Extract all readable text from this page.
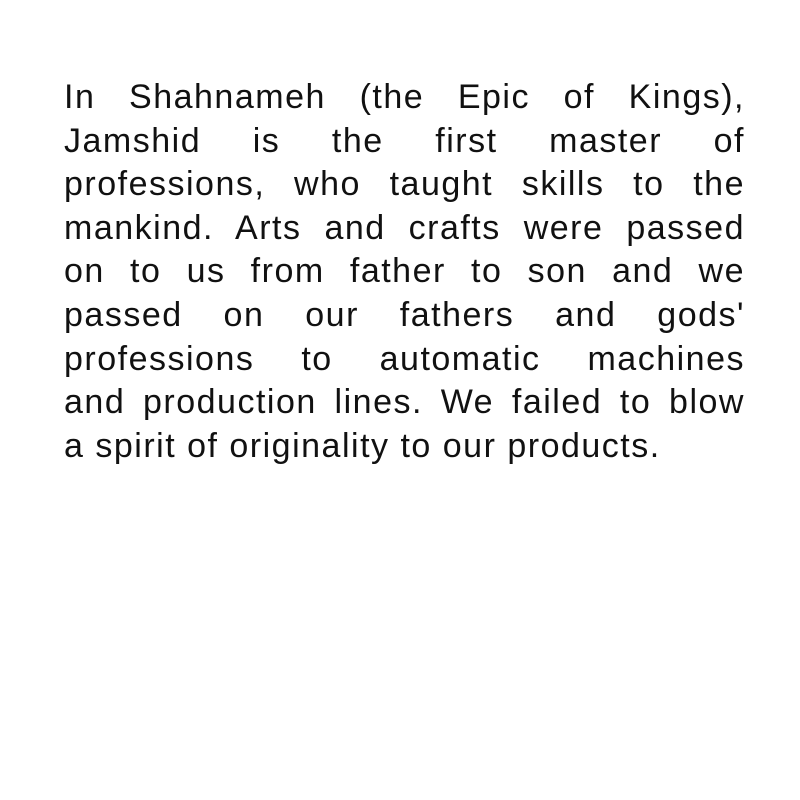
In Shahnameh (the Epic of Kings),
Jamshid is the first master of
professions, who taught skills to the
mankind. Arts and crafts were passed
on to us from father to son and we
passed on our fathers and gods'
professions to automatic machines
and production lines. We failed to blow
a spirit of originality to our products.
